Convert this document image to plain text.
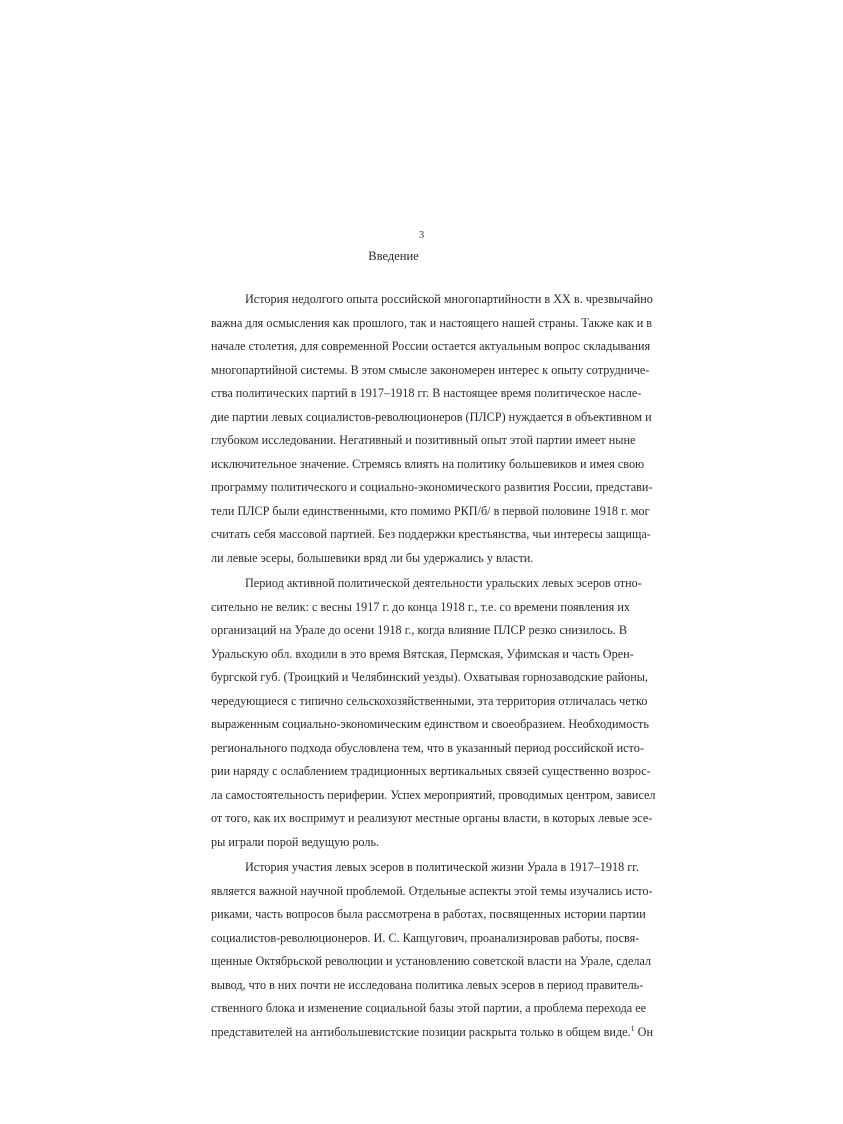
3
Введение
История недолгого опыта российской многопартийности в XX в. чрезвычайно
важна для осмысления как прошлого, так и настоящего нашей страны. Также как и в
начале столетия, для современной России остается актуальным вопрос складывания
многопартийной системы. В этом смысле закономерен интерес к опыту сотрудниче-
ства политических партий в 1917–1918 гг. В настоящее время политическое насле-
дие партии левых социалистов-революционеров (ПЛСР) нуждается в объективном и
глубоком исследовании. Негативный и позитивный опыт этой партии имеет ныне
исключительное значение. Стремясь влиять на политику большевиков и имея свою
программу политического и социально-экономического развития России, представи-
тели ПЛСР были единственными, кто помимо РКП/б/ в первой половине 1918 г. мог
считать себя массовой партией. Без поддержки крестьянства, чьи интересы защища-
ли левые эсеры, большевики вряд ли бы удержались у власти.
Период активной политической деятельности уральских левых эсеров отно-
сительно не велик: с весны 1917 г. до конца 1918 г., т.е. со времени появления их
организаций на Урале до осени 1918 г., когда влияние ПЛСР резко снизилось. В
Уральскую обл. входили в это время Вятская, Пермская, Уфимская и часть Орен-
бургской губ. (Троицкий и Челябинский уезды). Охватывая горнозаводские районы,
чередующиеся с типично сельскохозяйственными, эта территория отличалась четко
выраженным социально-экономическим единством и своеобразием. Необходимость
регионального подхода обусловлена тем, что в указанный период российской исто-
рии наряду с ослаблением традиционных вертикальных связей существенно возрос-
ла самостоятельность периферии. Успех мероприятий, проводимых центром, зависел
от того, как их воспримут и реализуют местные органы власти, в которых левые эсе-
ры играли порой ведущую роль.
История участия левых эсеров в политической жизни Урала в 1917–1918 гг.
является важной научной проблемой. Отдельные аспекты этой темы изучались исто-
риками, часть вопросов была рассмотрена в работах, посвященных истории партии
социалистов-революционеров. И. С. Капцугович, проанализировав работы, посвя-
щенные Октябрьской революции и установлению советской власти на Урале, сделал
вывод, что в них почти не исследована политика левых эсеров в период правитель-
ственного блока и изменение социальной базы этой партии, а проблема перехода ее
представителей на антибольшевистские позиции раскрыта только в общем виде.$^1$ Он
